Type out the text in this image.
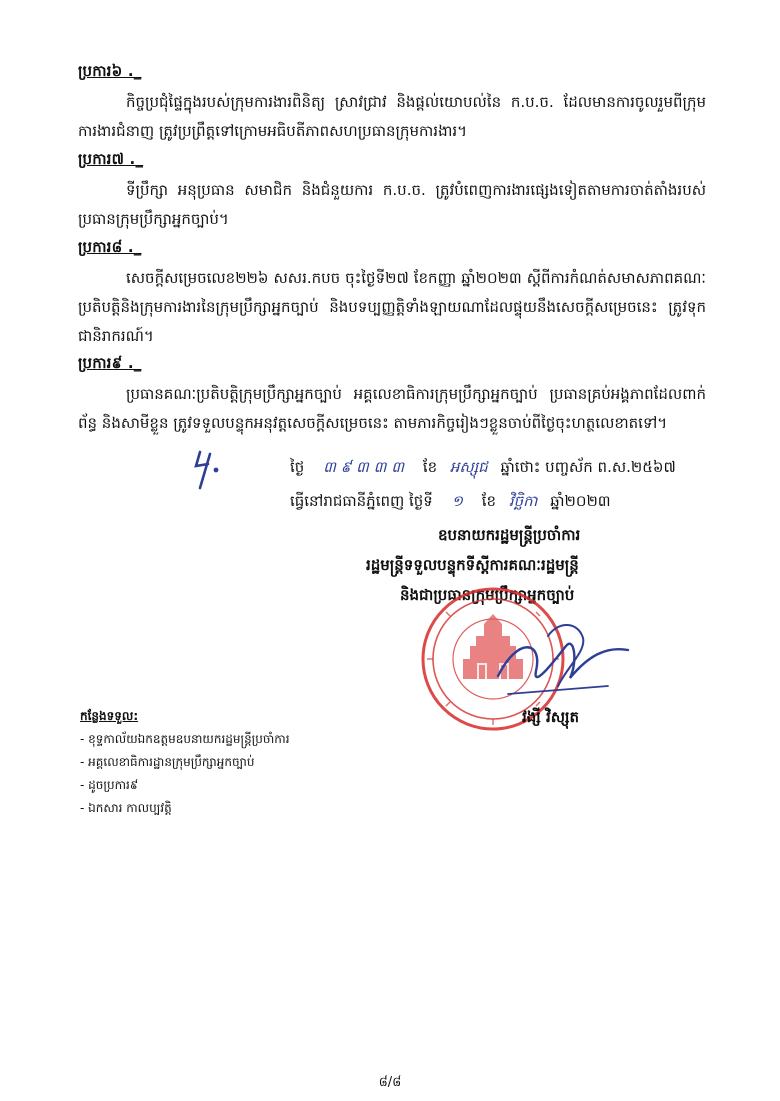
ប្រការ៦ ._
កិច្ចប្រជុំផ្ទៃក្នុងរបស់ក្រុមការងារពិនិត្យ ស្រាវជ្រាវ និងផ្តល់យោបល់នៃ ក.ប.ច. ដែលមានការចូលរួមពីក្រុមការងារជំនាញ ត្រូវប្រព្រឹត្តទៅក្រោមអធិបតីភាពសហប្រធានក្រុមការងារ។
ប្រការ៧ ._
ទីប្រឹក្សា អនុប្រធាន សមាជិក និងជំនួយការ ក.ប.ច. ត្រូវបំពេញការងារផ្សេងទៀតតាមការចាត់តាំងរបស់ប្រធានក្រុមប្រឹក្សាអ្នកច្បាប់។
ប្រការ៨ ._
សេចក្តីសម្រេចលេខ២២៦ សសរ.កបច ចុះថ្ងៃទី២៧ ខែកញ្ញា ឆ្នាំ២០២៣ ស្តីពីការកំណត់សមាសភាពគណៈប្រតិបត្តិនិងក្រុមការងារនៃក្រុមប្រឹក្សាអ្នកច្បាប់ និងបទប្បញ្ញត្តិទាំងឡាយណាដែលផ្ទុយនឹងសេចក្តីសម្រេចនេះ ត្រូវទុកជានិរាករណ៍។
ប្រការ៩ ._
ប្រធានគណៈប្រតិបត្តិក្រុមប្រឹក្សាអ្នកច្បាប់ អគ្គលេខាធិការក្រុមប្រឹក្សាអ្នកច្បាប់ ប្រធានគ្រប់អង្គភាពដែលពាក់ព័ន្ធ និងសាមីខ្លួន ត្រូវទទួលបន្ទុកអនុវត្តសេចក្តីសម្រេចនេះ តាមភារកិច្ចរៀងៗខ្លួនចាប់ពីថ្ងៃចុះហត្ថលេខាតទៅ។
ថ្ងៃ ៣ ៩ ៣ ៣ ៣ ខែ អស្សុជ ឆ្នាំថោះ បញ្ចស័ក ព.ស.២៥៦៧
ធ្វើនៅរាជធានីភ្នំពេញ ថ្ងៃទី ១ ខែ វិច្ឆិកា ឆ្នាំ២០២៣
ឧបនាយករដ្ឋមន្ត្រីប្រចាំការ
រដ្ឋមន្ត្រីទទួលបន្ទុកទីស្តីការគណៈរដ្ឋមន្ត្រី
និងជាប្រធានក្រុមប្រឹក្សាអ្នកច្បាប់
វង្សី វិស្សុត
កន្លែងទទួល:
- ខុទ្ទកាល័យឯកឧត្តមឧបនាយករដ្ឋមន្ត្រីប្រចាំការ
- អគ្គលេខាធិការដ្ឋានក្រុមប្រឹក្សាអ្នកច្បាប់
- ដូចប្រការ៩
- ឯកសារ កាលប្បវត្តិ
៨/៨
